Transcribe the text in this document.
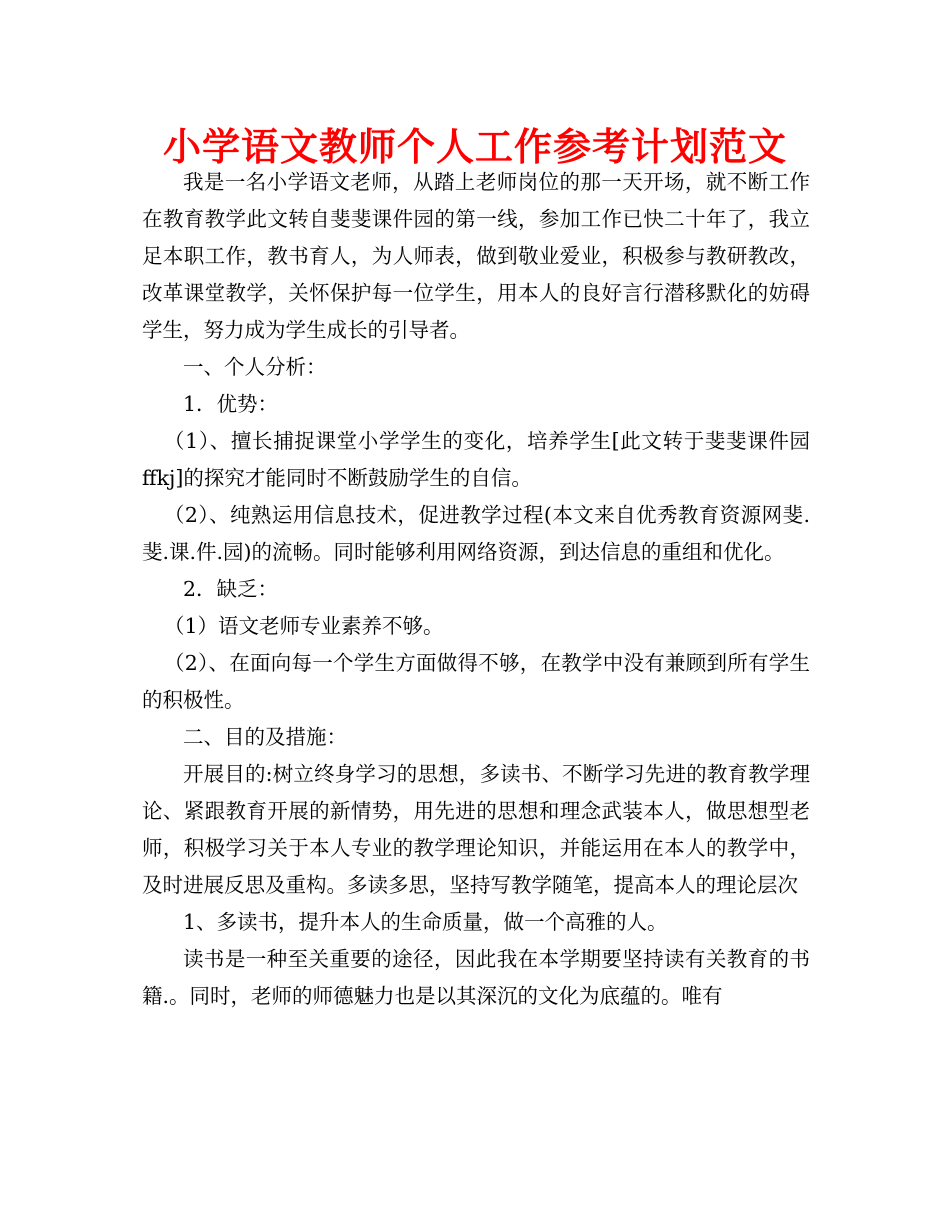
小学语文教师个人工作参考计划范文

我是一名小学语文老师，从踏上老师岗位的那一天开场，就不断工作在教育教学此文转自斐斐课件园的第一线，参加工作已快二十年了，我立足本职工作，教书育人，为人师表，做到敬业爱业，积极参与教研教改，改革课堂教学，关怀保护每一位学生，用本人的良好言行潜移默化的妨碍学生，努力成为学生成长的引导者。

一、个人分析：

1．优势：

（1）、擅长捕捉课堂小学学生的变化，培养学生[此文转于斐斐课件园ffkj]的探究才能同时不断鼓励学生的自信。

（2）、纯熟运用信息技术，促进教学过程(本文来自优秀教育资源网斐.斐.课.件.园)的流畅。同时能够利用网络资源，到达信息的重组和优化。

2．缺乏：

（1）语文老师专业素养不够。

（2）、在面向每一个学生方面做得不够，在教学中没有兼顾到所有学生的积极性。

二、目的及措施：

开展目的:树立终身学习的思想，多读书、不断学习先进的教育教学理论、紧跟教育开展的新情势，用先进的思想和理念武装本人，做思想型老师，积极学习关于本人专业的教学理论知识，并能运用在本人的教学中，及时进展反思及重构。多读多思，坚持写教学随笔，提高本人的理论层次

1、多读书，提升本人的生命质量，做一个高雅的人。

读书是一种至关重要的途径，因此我在本学期要坚持读有关教育的书籍.。同时，老师的师德魅力也是以其深沉的文化为底蕴的。唯有
